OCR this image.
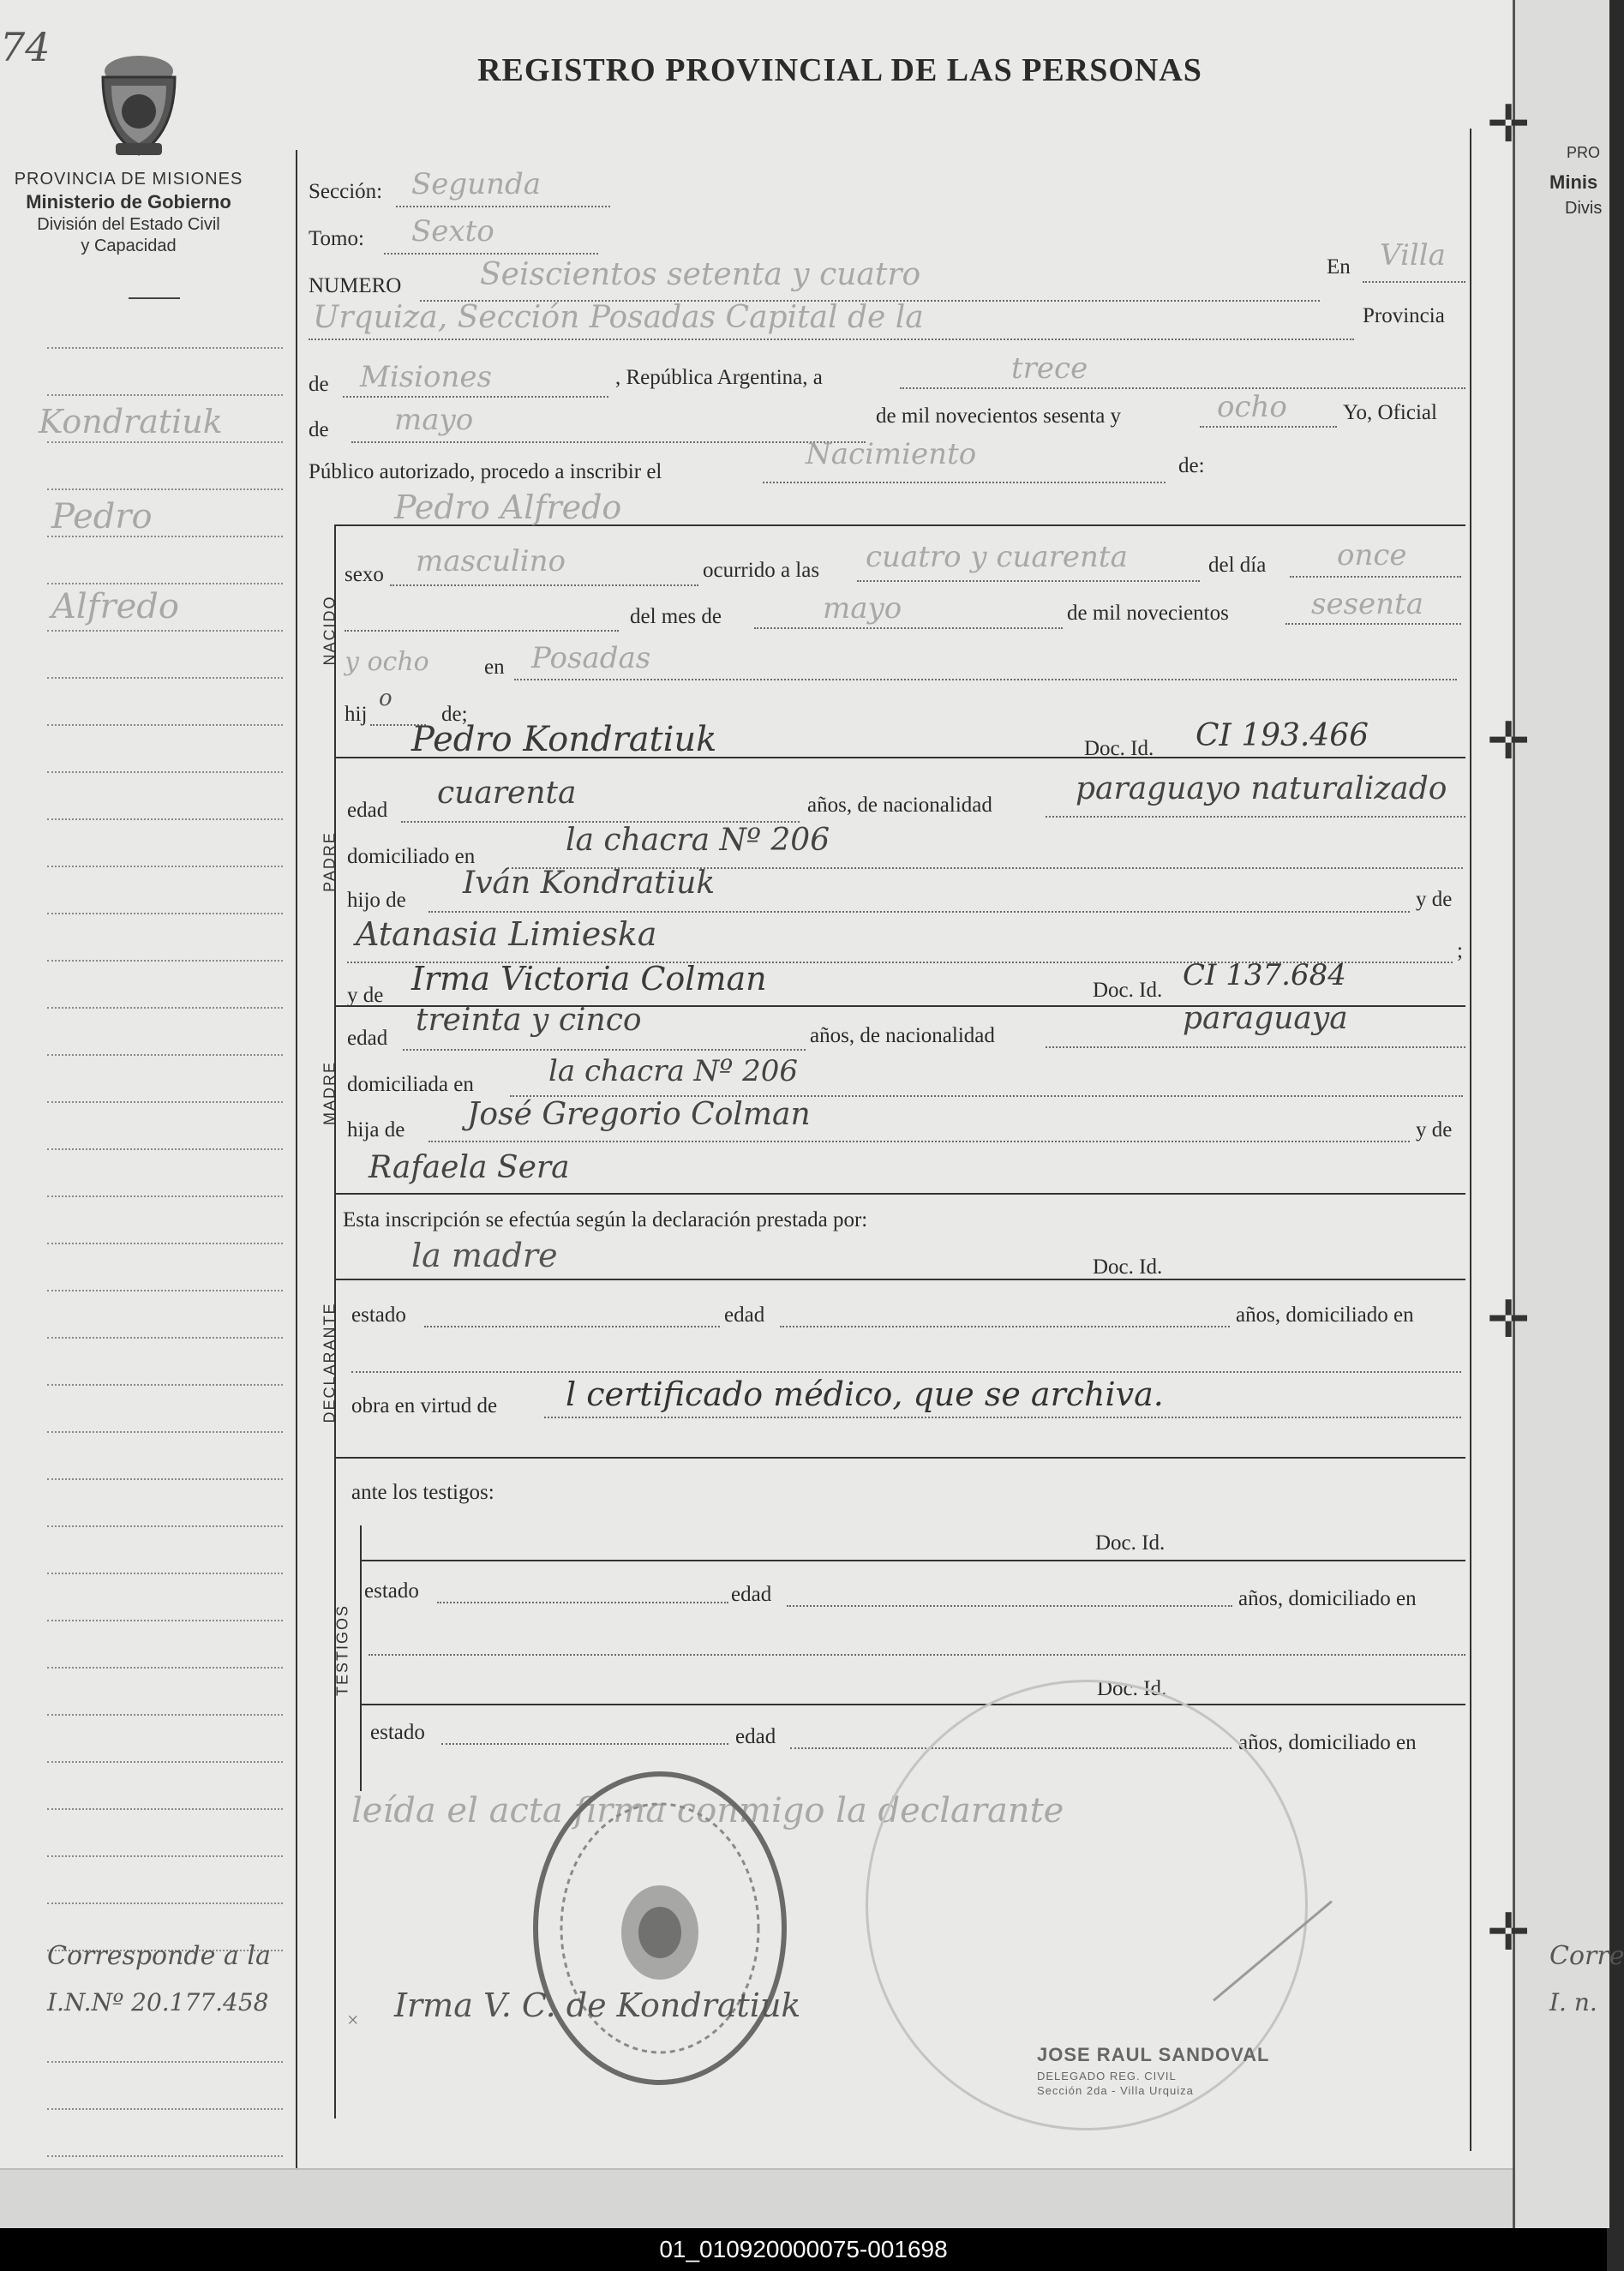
74
PROVINCIA DE MISIONES
Ministerio de Gobierno
División del Estado Civil
y Capacidad
REGISTRO PROVINCIAL DE LAS PERSONAS
Kondratiuk
Pedro
Alfredo
Corresponde a la
I.N.Nº 20.177.458
PRO
Minis
Divis
Corre
I. n.
✛
✛
✛
✛
Sección: Segunda
Tomo: Sexto
NUMERO	Seiscientos setenta y cuatro	En Villa
Urquiza, Sección Posadas Capital de la	Provincia
de Misiones	, República Argentina, a	trece
de mayo	de mil novecientos sesenta y	ocho	Yo, Oficial
Público autorizado, procedo a inscribir el
Nacimiento	de:
Pedro Alfredo
NACIDO
sexo masculino	ocurrido a las cuatro y cuarenta	del día once
del mes de	mayo	de mil novecientos	sesenta
y ocho	en Posadas
hij
o
de;
PADRE
Pedro Kondratiuk	Doc. Id. CI 193.466
edad cuarenta	años, de nacionalidad	paraguayo naturalizado
domiciliado en	la chacra Nº 206
hijo de Iván Kondratiuk	y de
Atanasia Limieska	;
y de Irma Victoria Colman	Doc. Id. CI 137.684
MADRE
edad
treinta y cinco	años, de nacionalidad	paraguaya
domiciliada en	la chacra Nº 206
hija de José Gregorio Colman	y de
Rafaela Sera
Esta inscripción se efectúa según la declaración prestada por:
la madre	Doc. Id.
DECLARANTE estado	edad	años, domiciliado en
obra en virtud de l certificado médico, que se archiva.
ante los testigos:
TESTIGOS
Doc. Id.
estado	edad	años, domiciliado en
Doc. Id.
estado	edad	años, domiciliado en
leída el acta firma conmigo la declarante
× Irma V. C. de Kondratiuk
JOSE RAUL SANDOVAL
DELEGADO REG. CIVIL
Sección 2da - Villa Urquiza
01_010920000075-001698
